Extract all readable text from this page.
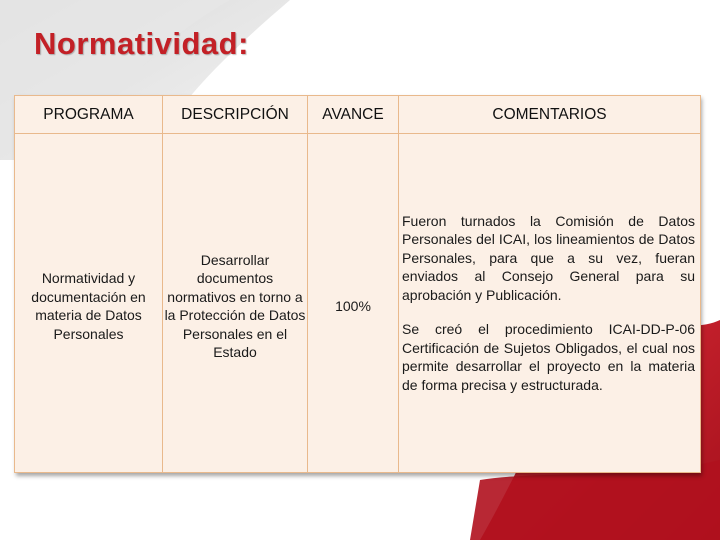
Normatividad:
PROGRAMA	DESCRIPCIÓN	AVANCE	COMENTARIOS
Normatividad y documentación en materia de Datos Personales	Desarrollar documentos normativos en torno a la Protección de Datos Personales en el Estado	100%	Fueron turnados la Comisión de Datos Personales del ICAI, los lineamientos de Datos Personales, para que a su vez, fueran enviados al Consejo General para su aprobación y Publicación.

Se creó el procedimiento ICAI-DD-P-06 Certificación de Sujetos Obligados, el cual nos permite desarrollar el proyecto en la materia de forma precisa y estructurada.
